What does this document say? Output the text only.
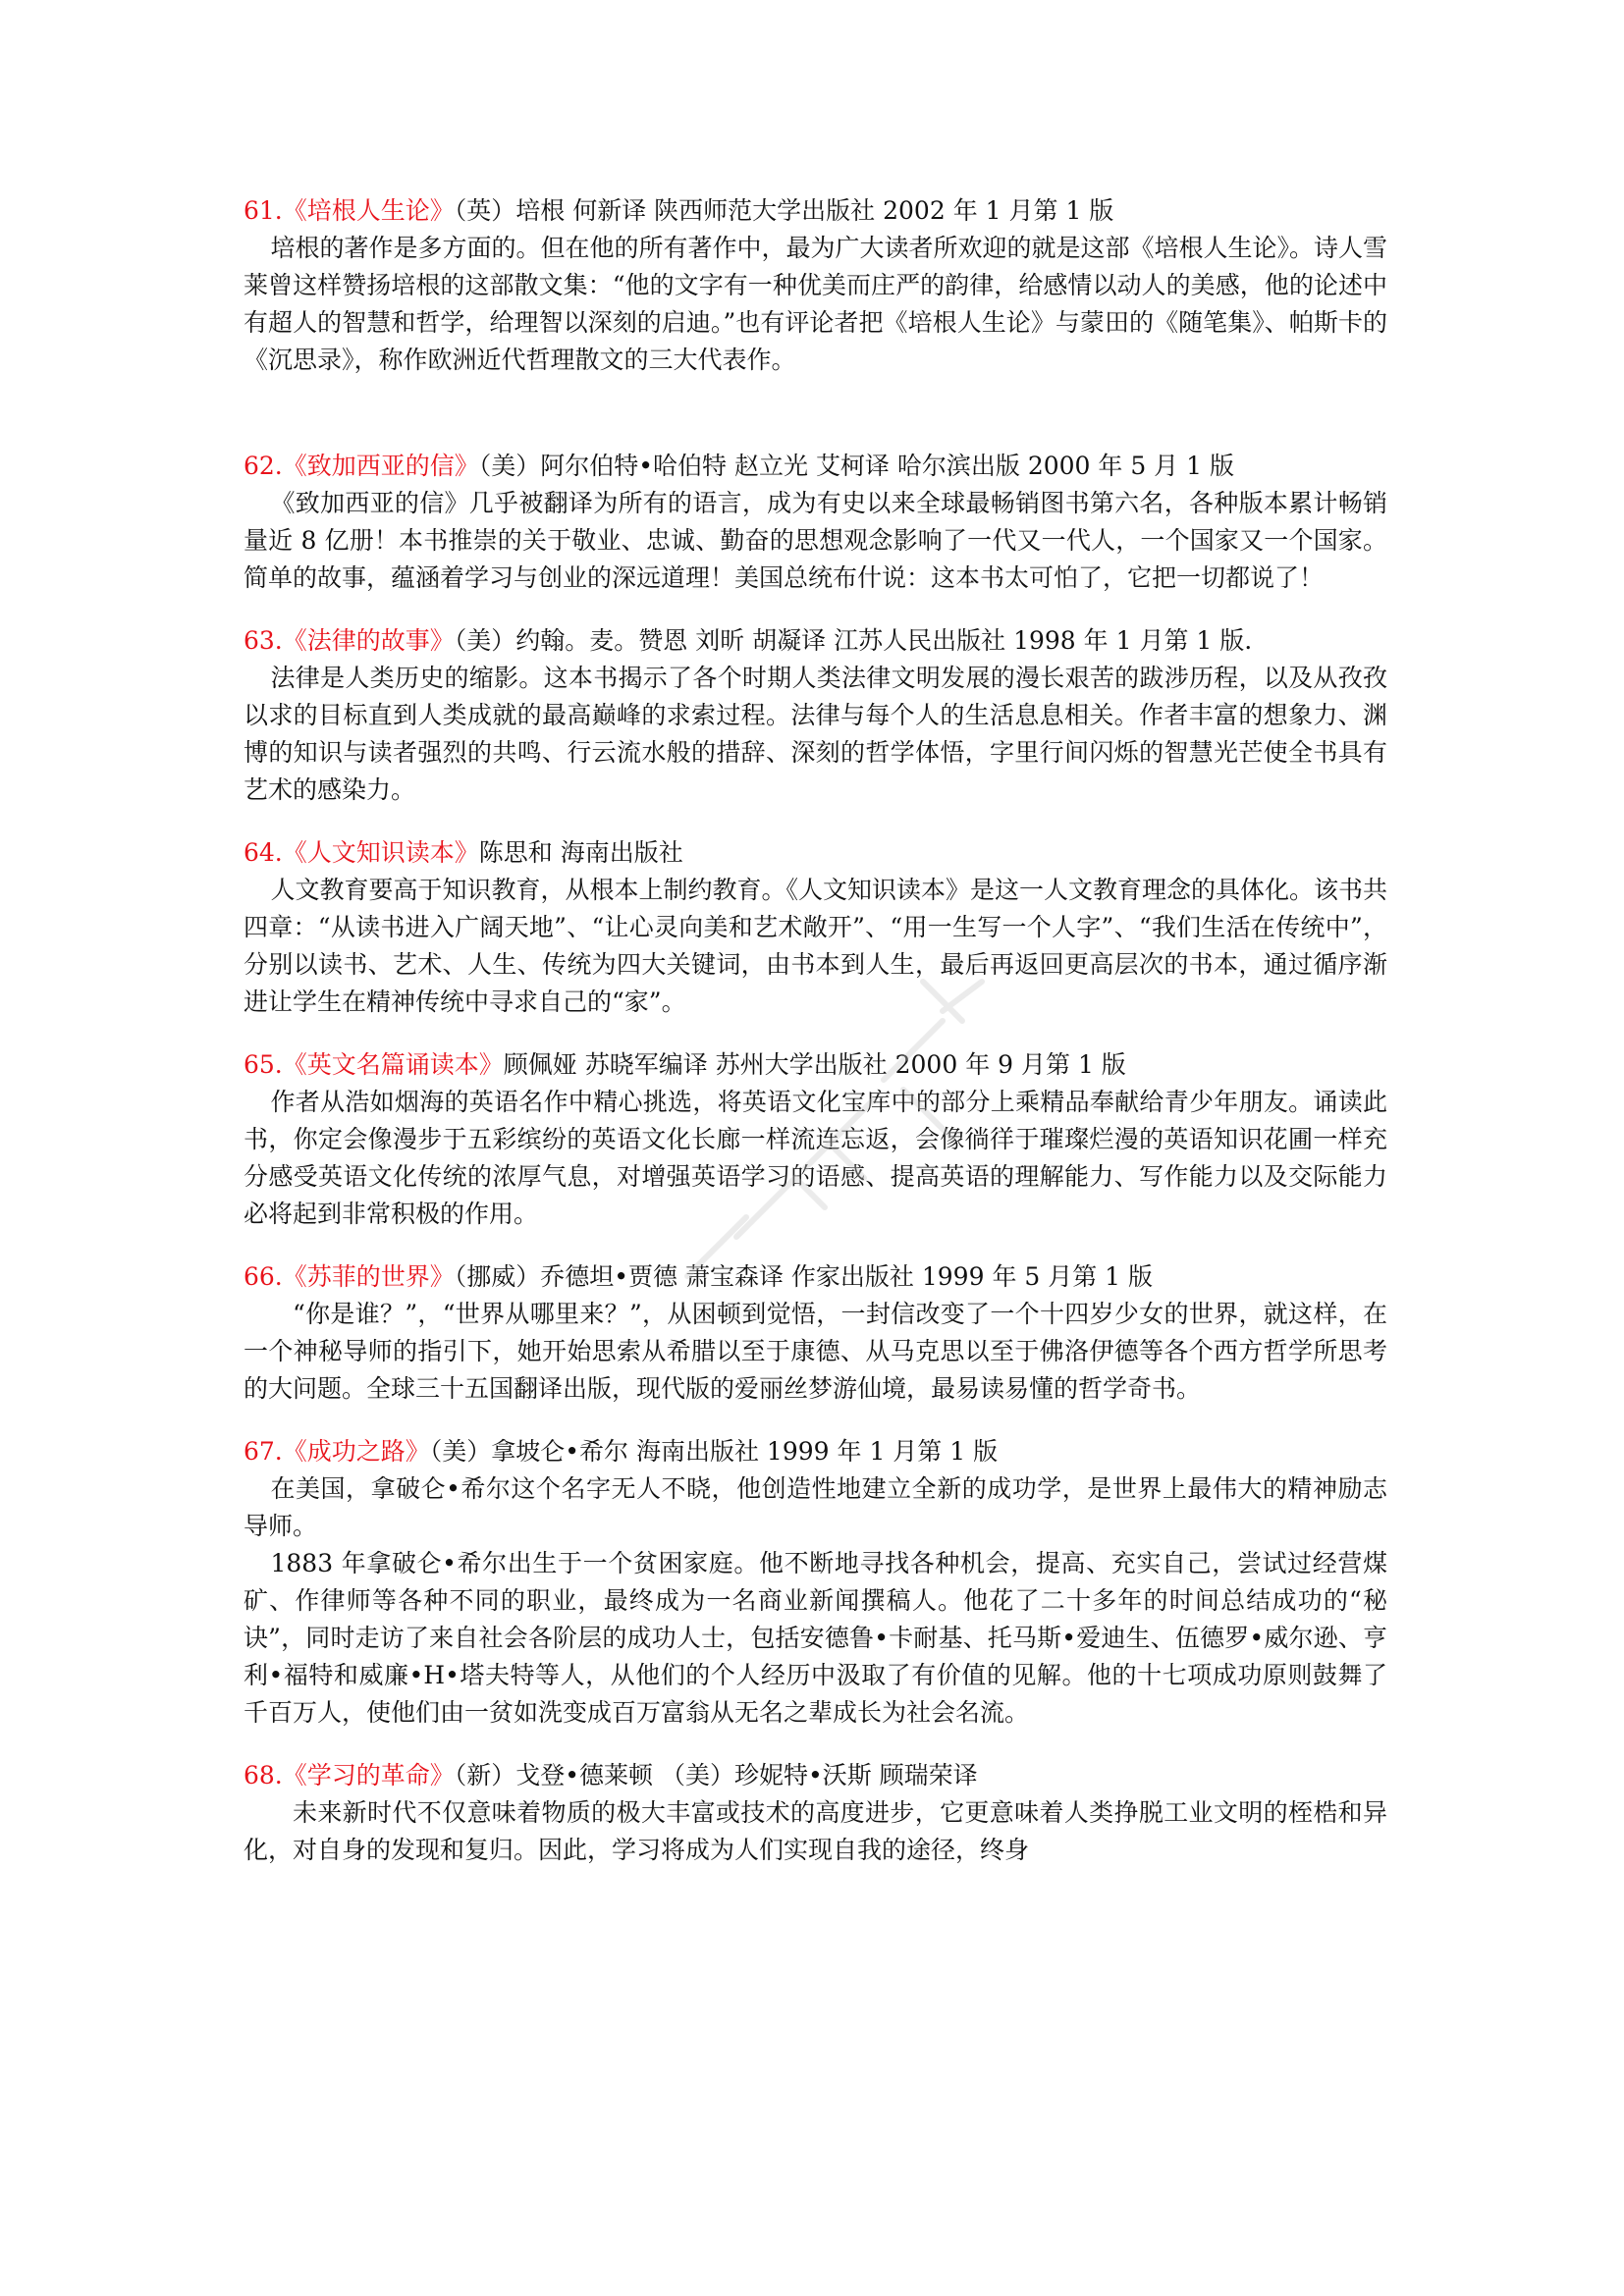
61.《培根人生论》（英）培根 何新译 陕西师范大学出版社 2002 年 1 月第 1 版

培根的著作是多方面的。但在他的所有著作中，最为广大读者所欢迎的就是这部《培根人生论》。诗人雪莱曾这样赞扬培根的这部散文集：“他的文字有一种优美而庄严的韵律，给感情以动人的美感，他的论述中有超人的智慧和哲学，给理智以深刻的启迪。”也有评论者把《培根人生论》与蒙田的《随笔集》、帕斯卡的《沉思录》，称作欧洲近代哲理散文的三大代表作。

62.《致加西亚的信》（美）阿尔伯特•哈伯特 赵立光 艾柯译 哈尔滨出版 2000 年 5 月 1 版

《致加西亚的信》几乎被翻译为所有的语言，成为有史以来全球最畅销图书第六名，各种版本累计畅销量近 8 亿册！本书推崇的关于敬业、忠诚、勤奋的思想观念影响了一代又一代人，一个国家又一个国家。简单的故事，蕴涵着学习与创业的深远道理！美国总统布什说：这本书太可怕了，它把一切都说了！

63.《法律的故事》（美）约翰。麦。赞恩 刘昕 胡凝译 江苏人民出版社 1998 年 1 月第 1 版.

法律是人类历史的缩影。这本书揭示了各个时期人类法律文明发展的漫长艰苦的跋涉历程，以及从孜孜以求的目标直到人类成就的最高巅峰的求索过程。法律与每个人的生活息息相关。作者丰富的想象力、渊博的知识与读者强烈的共鸣、行云流水般的措辞、深刻的哲学体悟，字里行间闪烁的智慧光芒使全书具有艺术的感染力。

64.《人文知识读本》陈思和 海南出版社

人文教育要高于知识教育，从根本上制约教育。《人文知识读本》是这一人文教育理念的具体化。该书共四章：“从读书进入广阔天地”、“让心灵向美和艺术敞开”、“用一生写一个人字”、“我们生活在传统中”，分别以读书、艺术、人生、传统为四大关键词，由书本到人生，最后再返回更高层次的书本，通过循序渐进让学生在精神传统中寻求自己的“家”。

65.《英文名篇诵读本》顾佩娅 苏晓军编译 苏州大学出版社 2000 年 9 月第 1 版

作者从浩如烟海的英语名作中精心挑选，将英语文化宝库中的部分上乘精品奉献给青少年朋友。诵读此书，你定会像漫步于五彩缤纷的英语文化长廊一样流连忘返，会像徜徉于璀璨烂漫的英语知识花圃一样充分感受英语文化传统的浓厚气息，对增强英语学习的语感、提高英语的理解能力、写作能力以及交际能力必将起到非常积极的作用。

66.《苏菲的世界》（挪威）乔德坦•贾德 萧宝森译 作家出版社 1999 年 5 月第 1 版

“你是谁？”，“世界从哪里来？”，从困顿到觉悟，一封信改变了一个十四岁少女的世界，就这样，在一个神秘导师的指引下，她开始思索从希腊以至于康德、从马克思以至于佛洛伊德等各个西方哲学所思考的大问题。全球三十五国翻译出版，现代版的爱丽丝梦游仙境，最易读易懂的哲学奇书。

67.《成功之路》（美）拿坡仑•希尔 海南出版社 1999 年 1 月第 1 版

在美国，拿破仑•希尔这个名字无人不晓，他创造性地建立全新的成功学，是世界上最伟大的精神励志导师。

1883 年拿破仑•希尔出生于一个贫困家庭。他不断地寻找各种机会，提高、充实自己，尝试过经营煤矿、作律师等各种不同的职业，最终成为一名商业新闻撰稿人。他花了二十多年的时间总结成功的“秘诀”，同时走访了来自社会各阶层的成功人士，包括安德鲁•卡耐基、托马斯•爱迪生、伍德罗•威尔逊、亨利•福特和威廉•H•塔夫特等人，从他们的个人经历中汲取了有价值的见解。他的十七项成功原则鼓舞了千百万人，使他们由一贫如洗变成百万富翁从无名之辈成长为社会名流。

68.《学习的革命》（新）戈登•德莱顿 （美）珍妮特•沃斯 顾瑞荣译

未来新时代不仅意味着物质的极大丰富或技术的高度进步，它更意味着人类挣脱工业文明的桎梏和异化，对自身的发现和复归。因此，学习将成为人们实现自我的途径，终身
